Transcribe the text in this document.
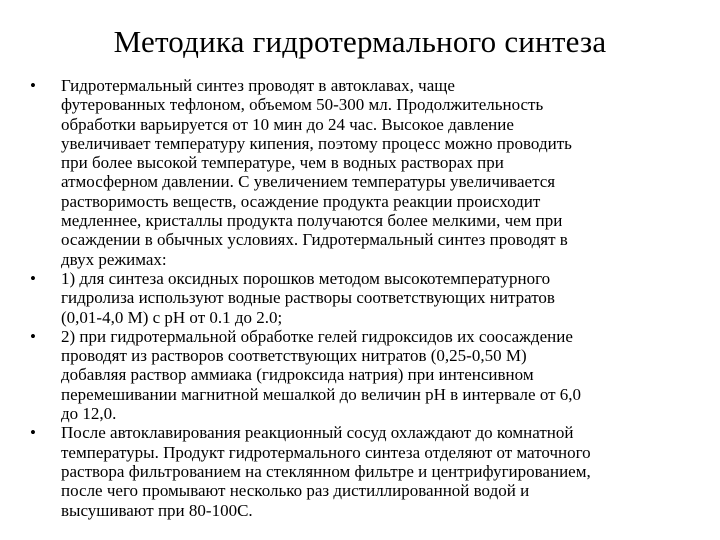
Методика гидротермального синтеза
•	Гидротермальный синтез проводят в автоклавах, чаще
футерованных тефлоном, объемом 50-300 мл. Продолжительность
обработки варьируется от 10 мин до 24 час. Высокое давление
увеличивает температуру кипения, поэтому процесс можно проводить
при более высокой температуре, чем в водных растворах при
атмосферном давлении. С увеличением температуры увеличивается
растворимость веществ, осаждение продукта реакции происходит
медленнее, кристаллы продукта получаются более мелкими, чем при
осаждении в обычных условиях. Гидротермальный синтез проводят в
двух режимах:
•	1) для синтеза оксидных порошков методом высокотемпературного
гидролиза используют водные растворы соответствующих нитратов
(0,01-4,0 М) с рН от 0.1 до 2.0;
•	2) при гидротермальной обработке гелей гидроксидов их соосаждение
проводят из растворов соответствующих нитратов (0,25-0,50 М)
добавляя раствор аммиака (гидроксида натрия) при интенсивном
перемешивании магнитной мешалкой до величин рН в интервале от 6,0
до 12,0.
•	После автоклавирования реакционный сосуд охлаждают до комнатной
температуры. Продукт гидротермального синтеза отделяют от маточного
раствора фильтрованием на стеклянном фильтре и центрифугированием,
после чего промывают несколько раз дистиллированной водой и
высушивают при 80-100С.
